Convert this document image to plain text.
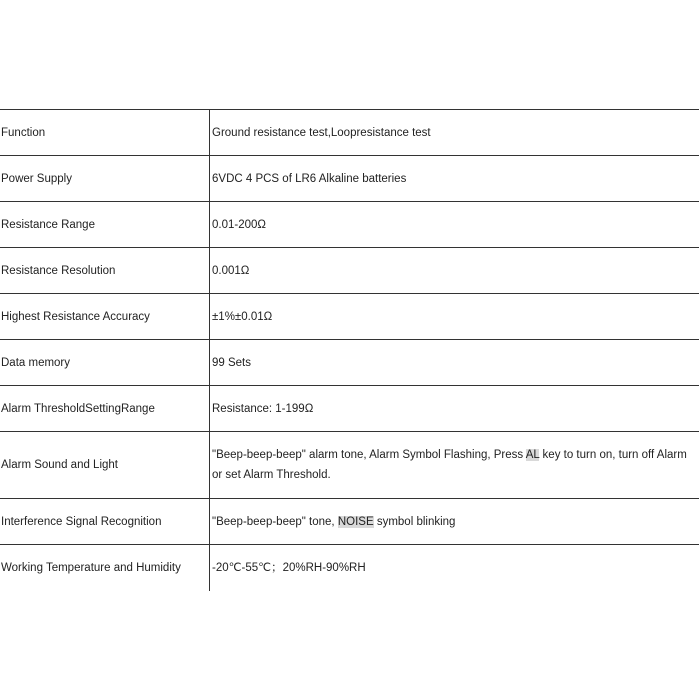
Function	Ground resistance test,Loopresistance test
Power Supply	6VDC 4 PCS of LR6 Alkaline batteries
Resistance Range	0.01-200Ω
Resistance Resolution	0.001Ω
Highest Resistance Accuracy	±1%±0.01Ω
Data memory	99 Sets
Alarm ThresholdSettingRange	Resistance: 1-199Ω
Alarm Sound and Light	"Beep-beep-beep" alarm tone, Alarm Symbol Flashing, Press AL key to turn on, turn off Alarm or set Alarm Threshold.
Interference Signal Recognition	"Beep-beep-beep" tone, NOISE symbol blinking
Working Temperature and Humidity	-20℃-55℃；20%RH-90%RH
